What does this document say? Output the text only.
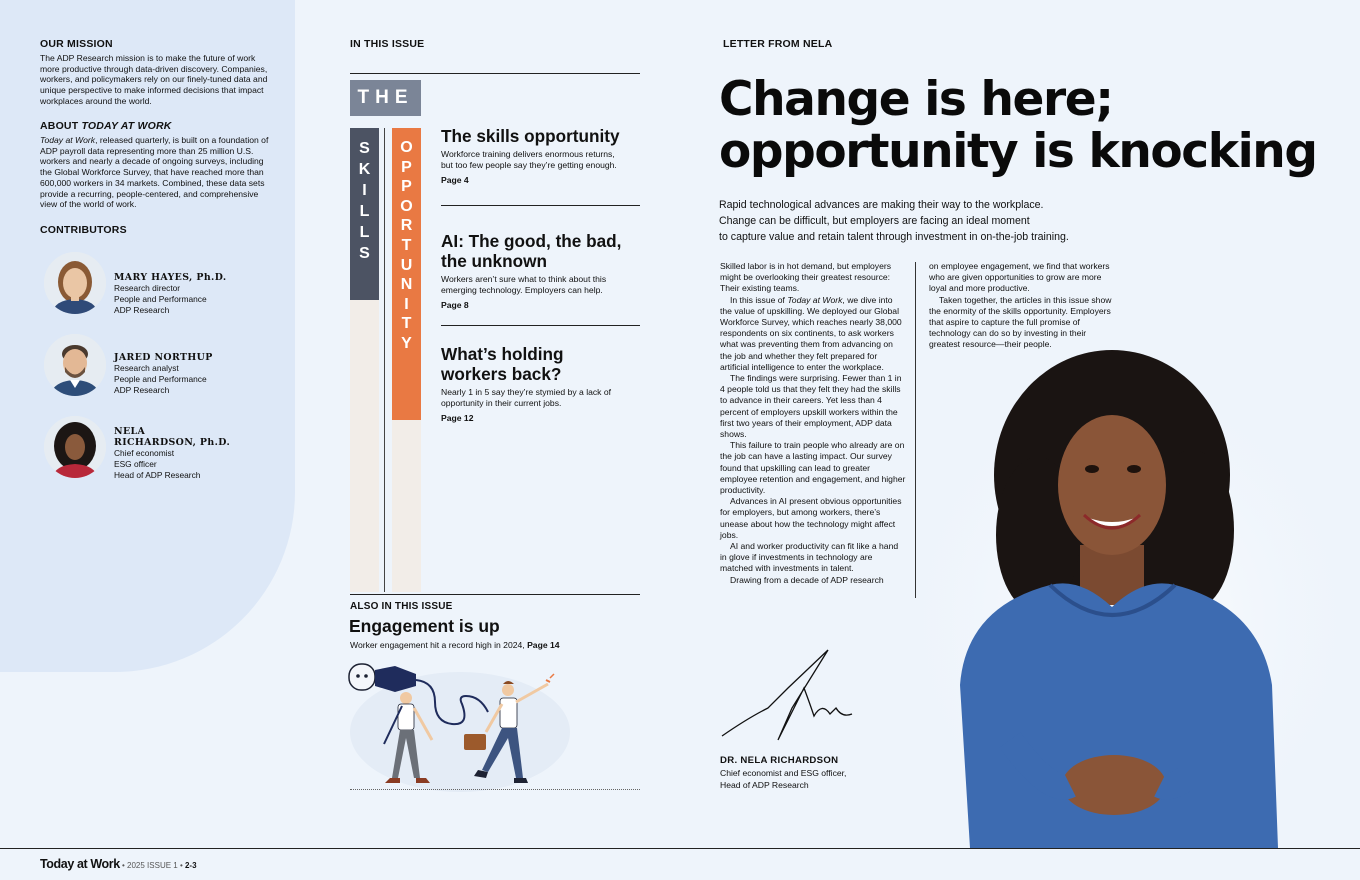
OUR MISSION
The ADP Research mission is to make the future of work more productive through data-driven discovery. Companies, workers, and policymakers rely on our finely-tuned data and unique perspective to make informed decisions that impact workplaces around the world.
ABOUT TODAY AT WORK
Today at Work, released quarterly, is built on a foundation of ADP payroll data representing more than 25 million U.S. workers and nearly a decade of ongoing surveys, including the Global Workforce Survey, that have reached more than 600,000 workers in 34 markets. Combined, these data sets provide a recurring, people-centered, and comprehensive view of the world of work.
CONTRIBUTORS
MARY HAYES, Ph.D.
Research director
People and Performance
ADP Research
JARED NORTHUP
Research analyst
People and Performance
ADP Research
NELA
RICHARDSON, Ph.D.
Chief economist
ESG officer
Head of ADP Research
IN THIS ISSUE
THE
S
K
I
L
L
S
O
P
P
O
R
T
U
N
I
T
Y
The skills opportunity
Workforce training delivers enormous returns, but too few people say they’re getting enough.
Page 4
AI: The good, the bad, the unknown
Workers aren’t sure what to think about this emerging technology. Employers can help.
Page 8
What’s holding workers back?
Nearly 1 in 5 say they’re stymied by a lack of opportunity in their current jobs.
Page 12
ALSO IN THIS ISSUE
Engagement is up
Worker engagement hit a record high in 2024, Page 14
LETTER FROM NELA
Change is here;
opportunity is knocking
Rapid technological advances are making their way to the workplace.
Change can be difficult, but employers are facing an ideal moment
to capture value and retain talent through investment in on-the-job training.

Skilled labor is in hot demand, but employers might be overlooking their greatest resource: Their existing teams.

In this issue of Today at Work, we dive into the value of upskilling. We deployed our Global Workforce Survey, which reaches nearly 38,000 respondents on six continents, to ask workers what was preventing them from advancing on the job and whether they felt prepared for artificial intelligence to enter the workplace.

The findings were surprising. Fewer than 1 in 4 people told us that they felt they had the skills to advance in their careers. Yet less than 4 percent of employers upskill workers within the first two years of their employment, ADP data shows.

This failure to train people who already are on the job can have a lasting impact. Our survey found that upskilling can lead to greater employee retention and engagement, and higher productivity.

Advances in AI present obvious opportunities for employers, but among workers, there’s unease about how the technology might affect jobs.

AI and worker productivity can fit like a hand in glove if investments in technology are matched with investments in talent.

Drawing from a decade of ADP research

on employee engagement, we find that workers who are given opportunities to grow are more loyal and more productive.

Taken together, the articles in this issue show the enormity of the skills opportunity. Employers that aspire to capture the full promise of technology can do so by investing in their greatest resource—their people.

DR. NELA RICHARDSON
Chief economist and ESG officer,
Head of ADP Research
Today at Work • 2025 ISSUE 1 • 2-3
